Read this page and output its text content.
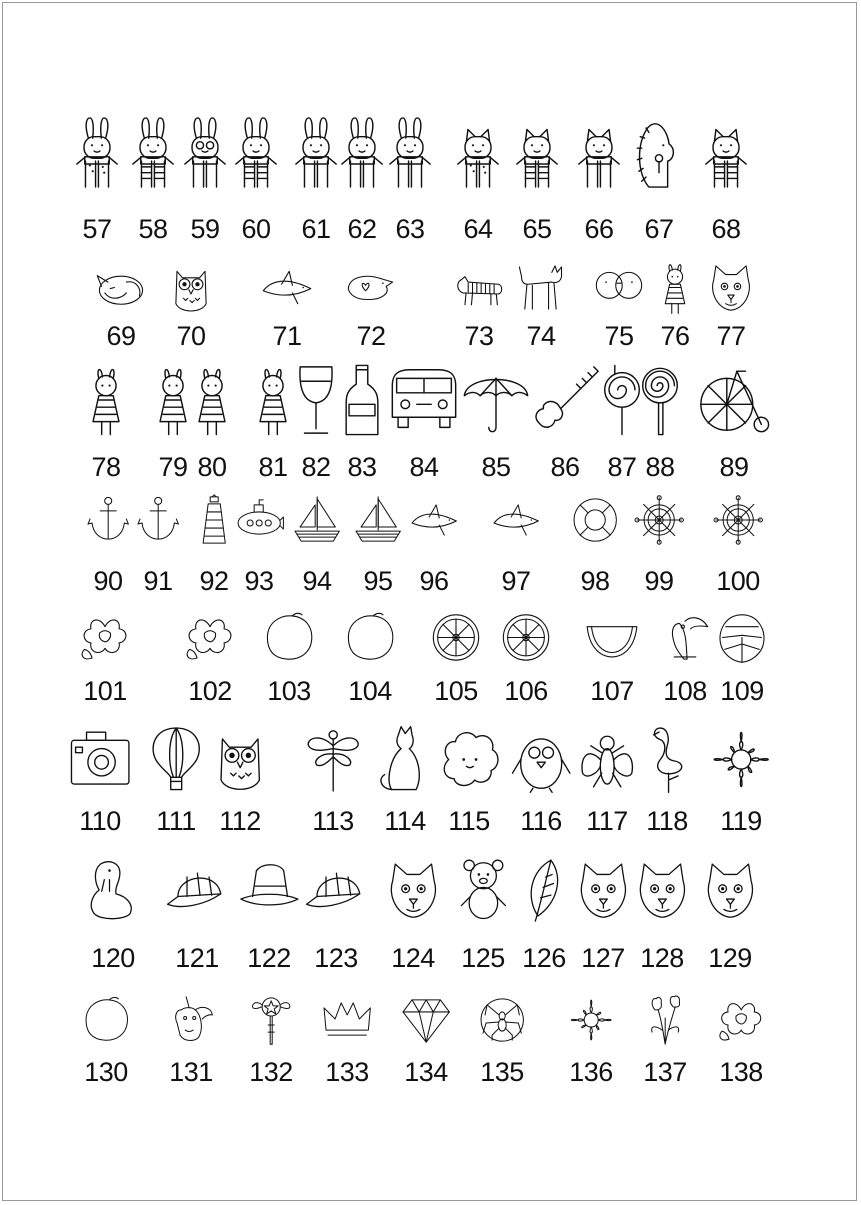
57 58 59 60	61 62 63	64	65	66	67	68
69	70	71	72	73	74	75 76 77
78	79 80	81 82 83	84	85	86	87 88	89
90 91 92 93	94	95 96	97	98	99	100
101	102	103	104	105 106	107	108 109
110	111 112	113	114 115	116 117 118	119
120	121	122 123	124 125 126 127 128 129
130	131	132	133	134	135	136	137	138
